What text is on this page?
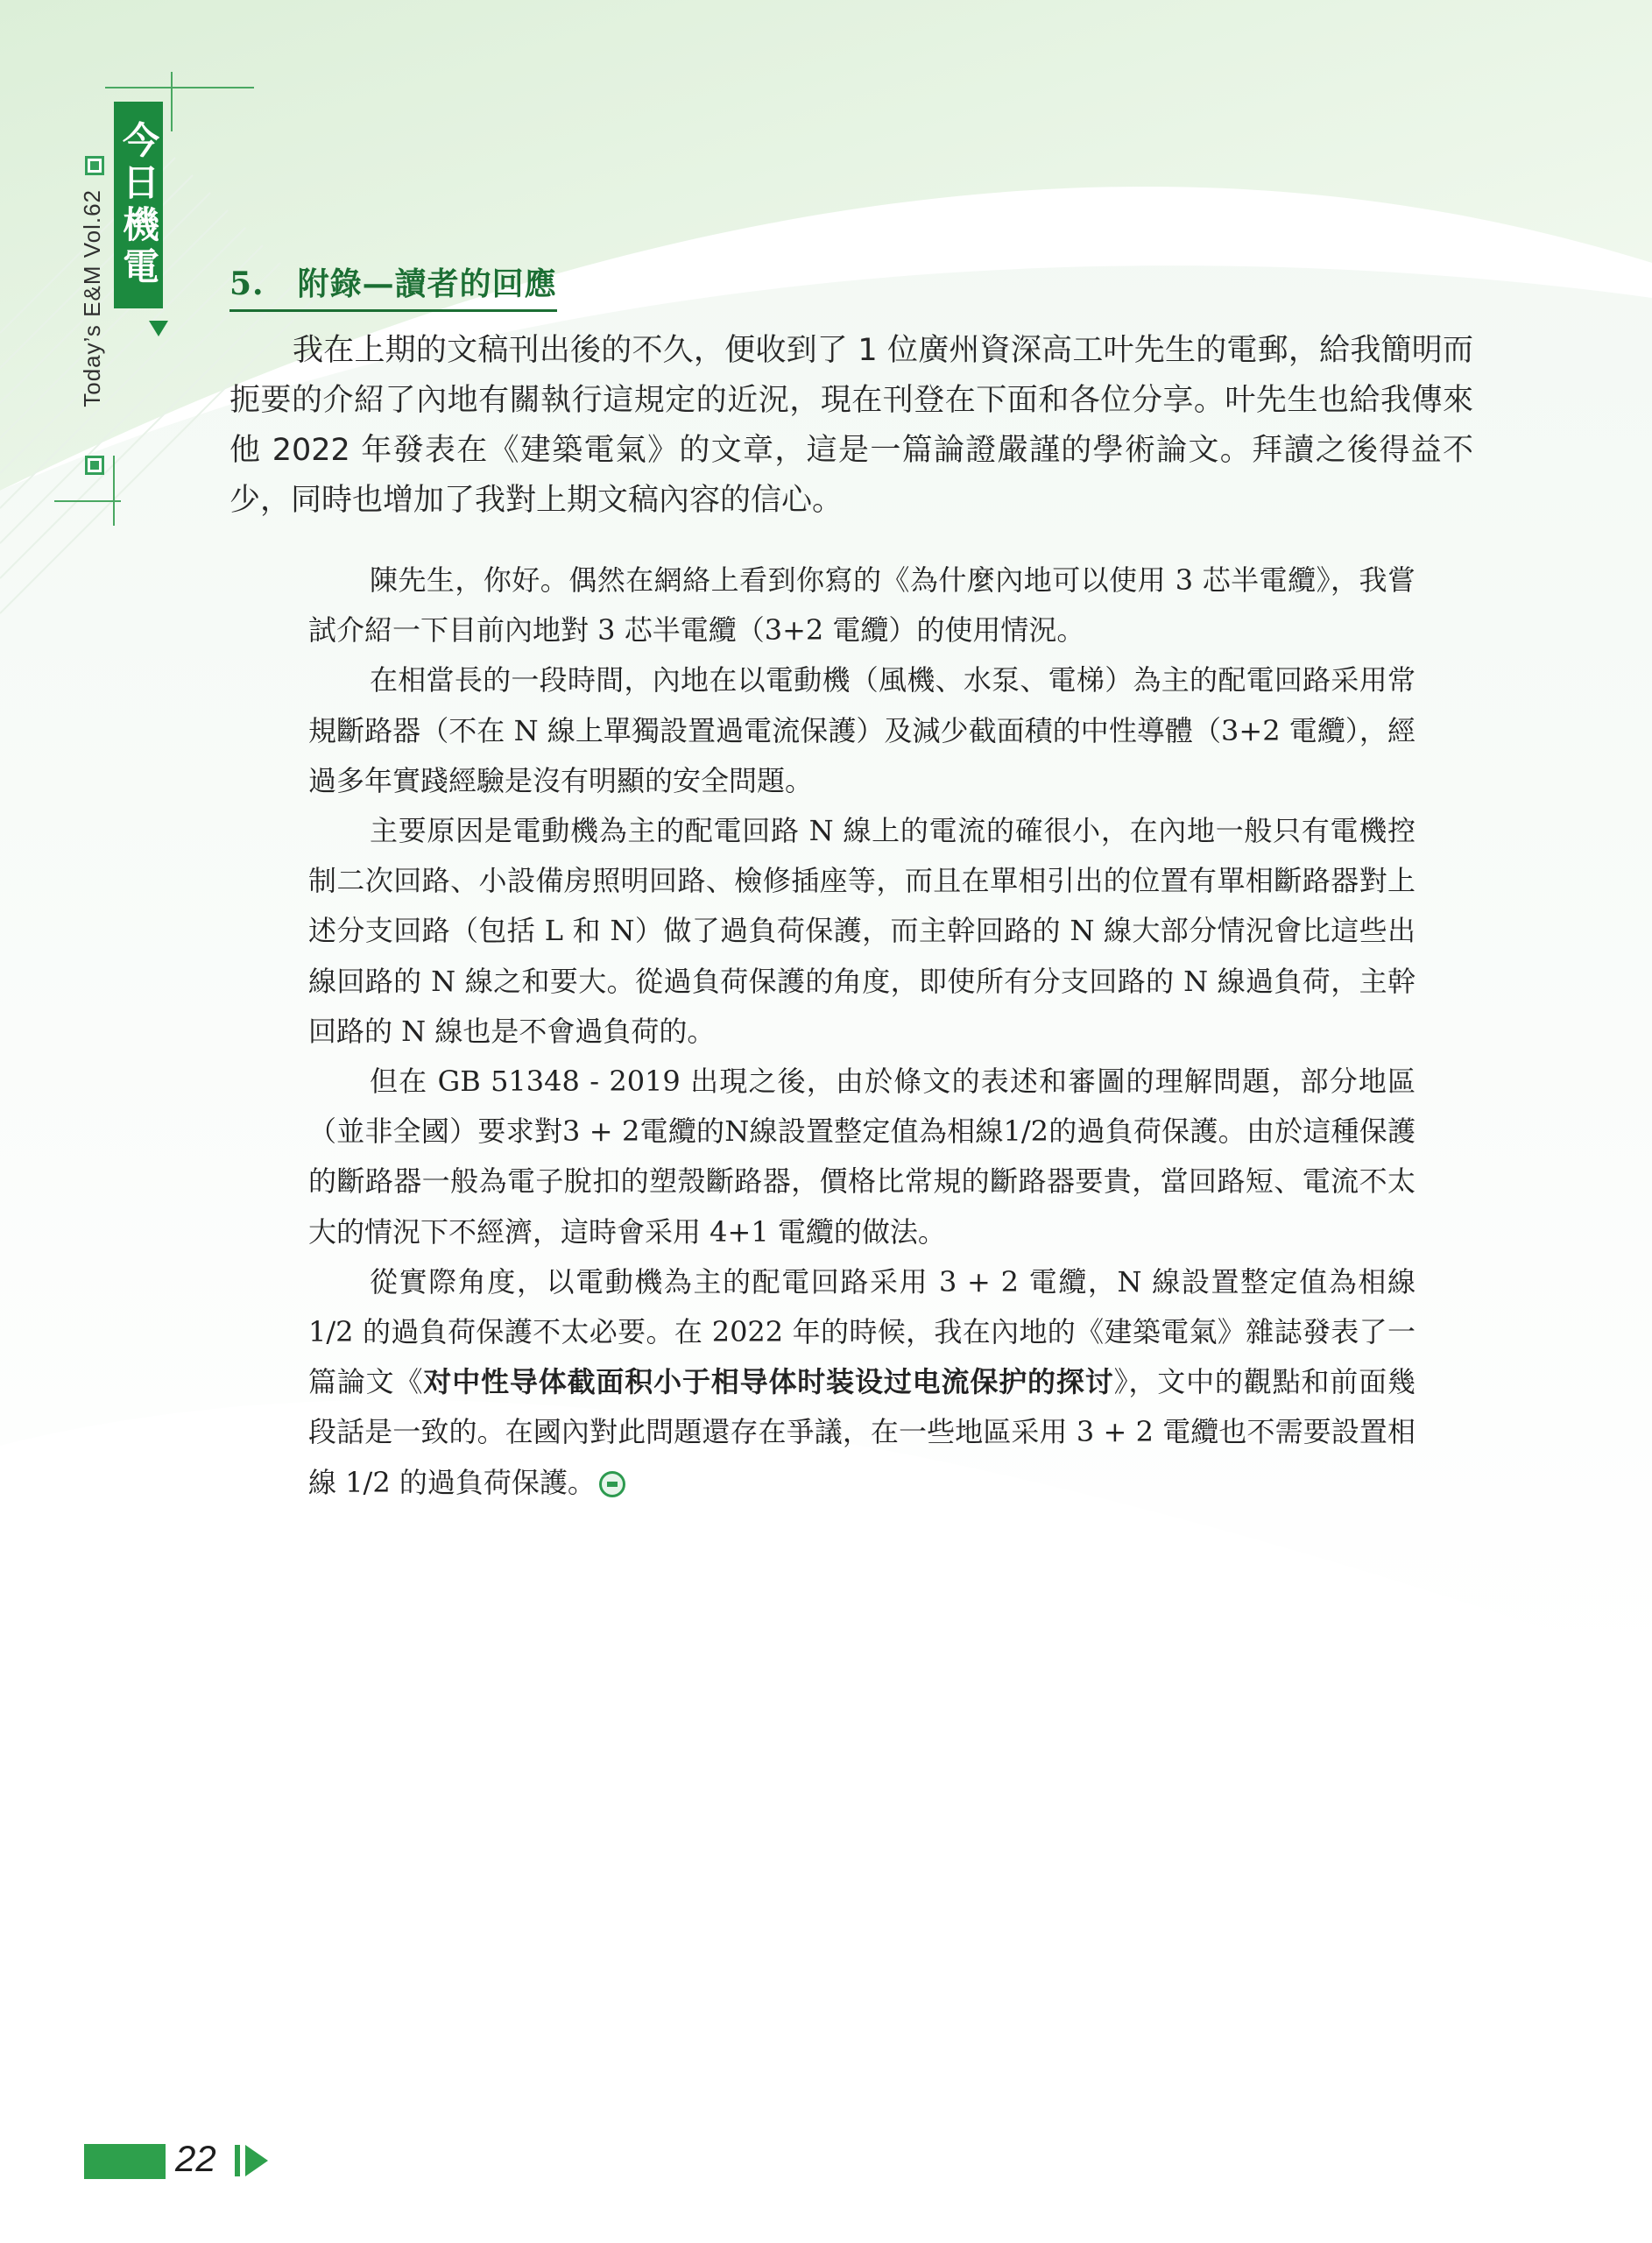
今日機電
Today’s E&M Vol.62	5. 附錄—讀者的回應

我在上期的文稿刊出後的不久，便收到了 1 位廣州資深高工叶先生的電郵，給我簡明而扼要的介紹了內地有關執行這規定的近況，現在刊登在下面和各位分享。叶先生也給我傳來他 2022 年發表在《建築電氣》的文章，這是一篇論證嚴謹的學術論文。拜讀之後得益不少，同時也增加了我對上期文稿內容的信心。

陳先生，你好。偶然在網絡上看到你寫的《為什麼內地可以使用 3 芯半電纜》，我嘗試介紹一下目前內地對 3 芯半電纜（3+2 電纜）的使用情況。

在相當長的一段時間，內地在以電動機（風機、水泵、電梯）為主的配電回路采用常規斷路器（不在 N 線上單獨設置過電流保護）及減少截面積的中性導體（3+2 電纜），經過多年實踐經驗是沒有明顯的安全問題。

主要原因是電動機為主的配電回路 N 線上的電流的確很小，在內地一般只有電機控制二次回路、小設備房照明回路、檢修插座等，而且在單相引出的位置有單相斷路器對上述分支回路（包括 L 和 N）做了過負荷保護，而主幹回路的 N 線大部分情況會比這些出線回路的 N 線之和要大。從過負荷保護的角度，即使所有分支回路的 N 線過負荷，主幹回路的 N 線也是不會過負荷的。

但在 GB 51348 - 2019 出現之後，由於條文的表述和審圖的理解問題，部分地區（並非全國）要求對3 + 2電纜的N線設置整定值為相線1/2的過負荷保護。由於這種保護的斷路器一般為電子脫扣的塑殼斷路器，價格比常規的斷路器要貴，當回路短、電流不太大的情況下不經濟，這時會采用 4+1 電纜的做法。

從實際角度，以電動機為主的配電回路采用 3 + 2 電纜，N 線設置整定值為相線 1/2 的過負荷保護不太必要。在 2022 年的時候，我在內地的《建築電氣》雜誌發表了一篇論文《对中性导体截面积小于相导体时装设过电流保护的探讨》，文中的觀點和前面幾段話是一致的。在國內對此問題還存在爭議，在一些地區采用 3 + 2 電纜也不需要設置相線 1/2 的過負荷保護。

22
